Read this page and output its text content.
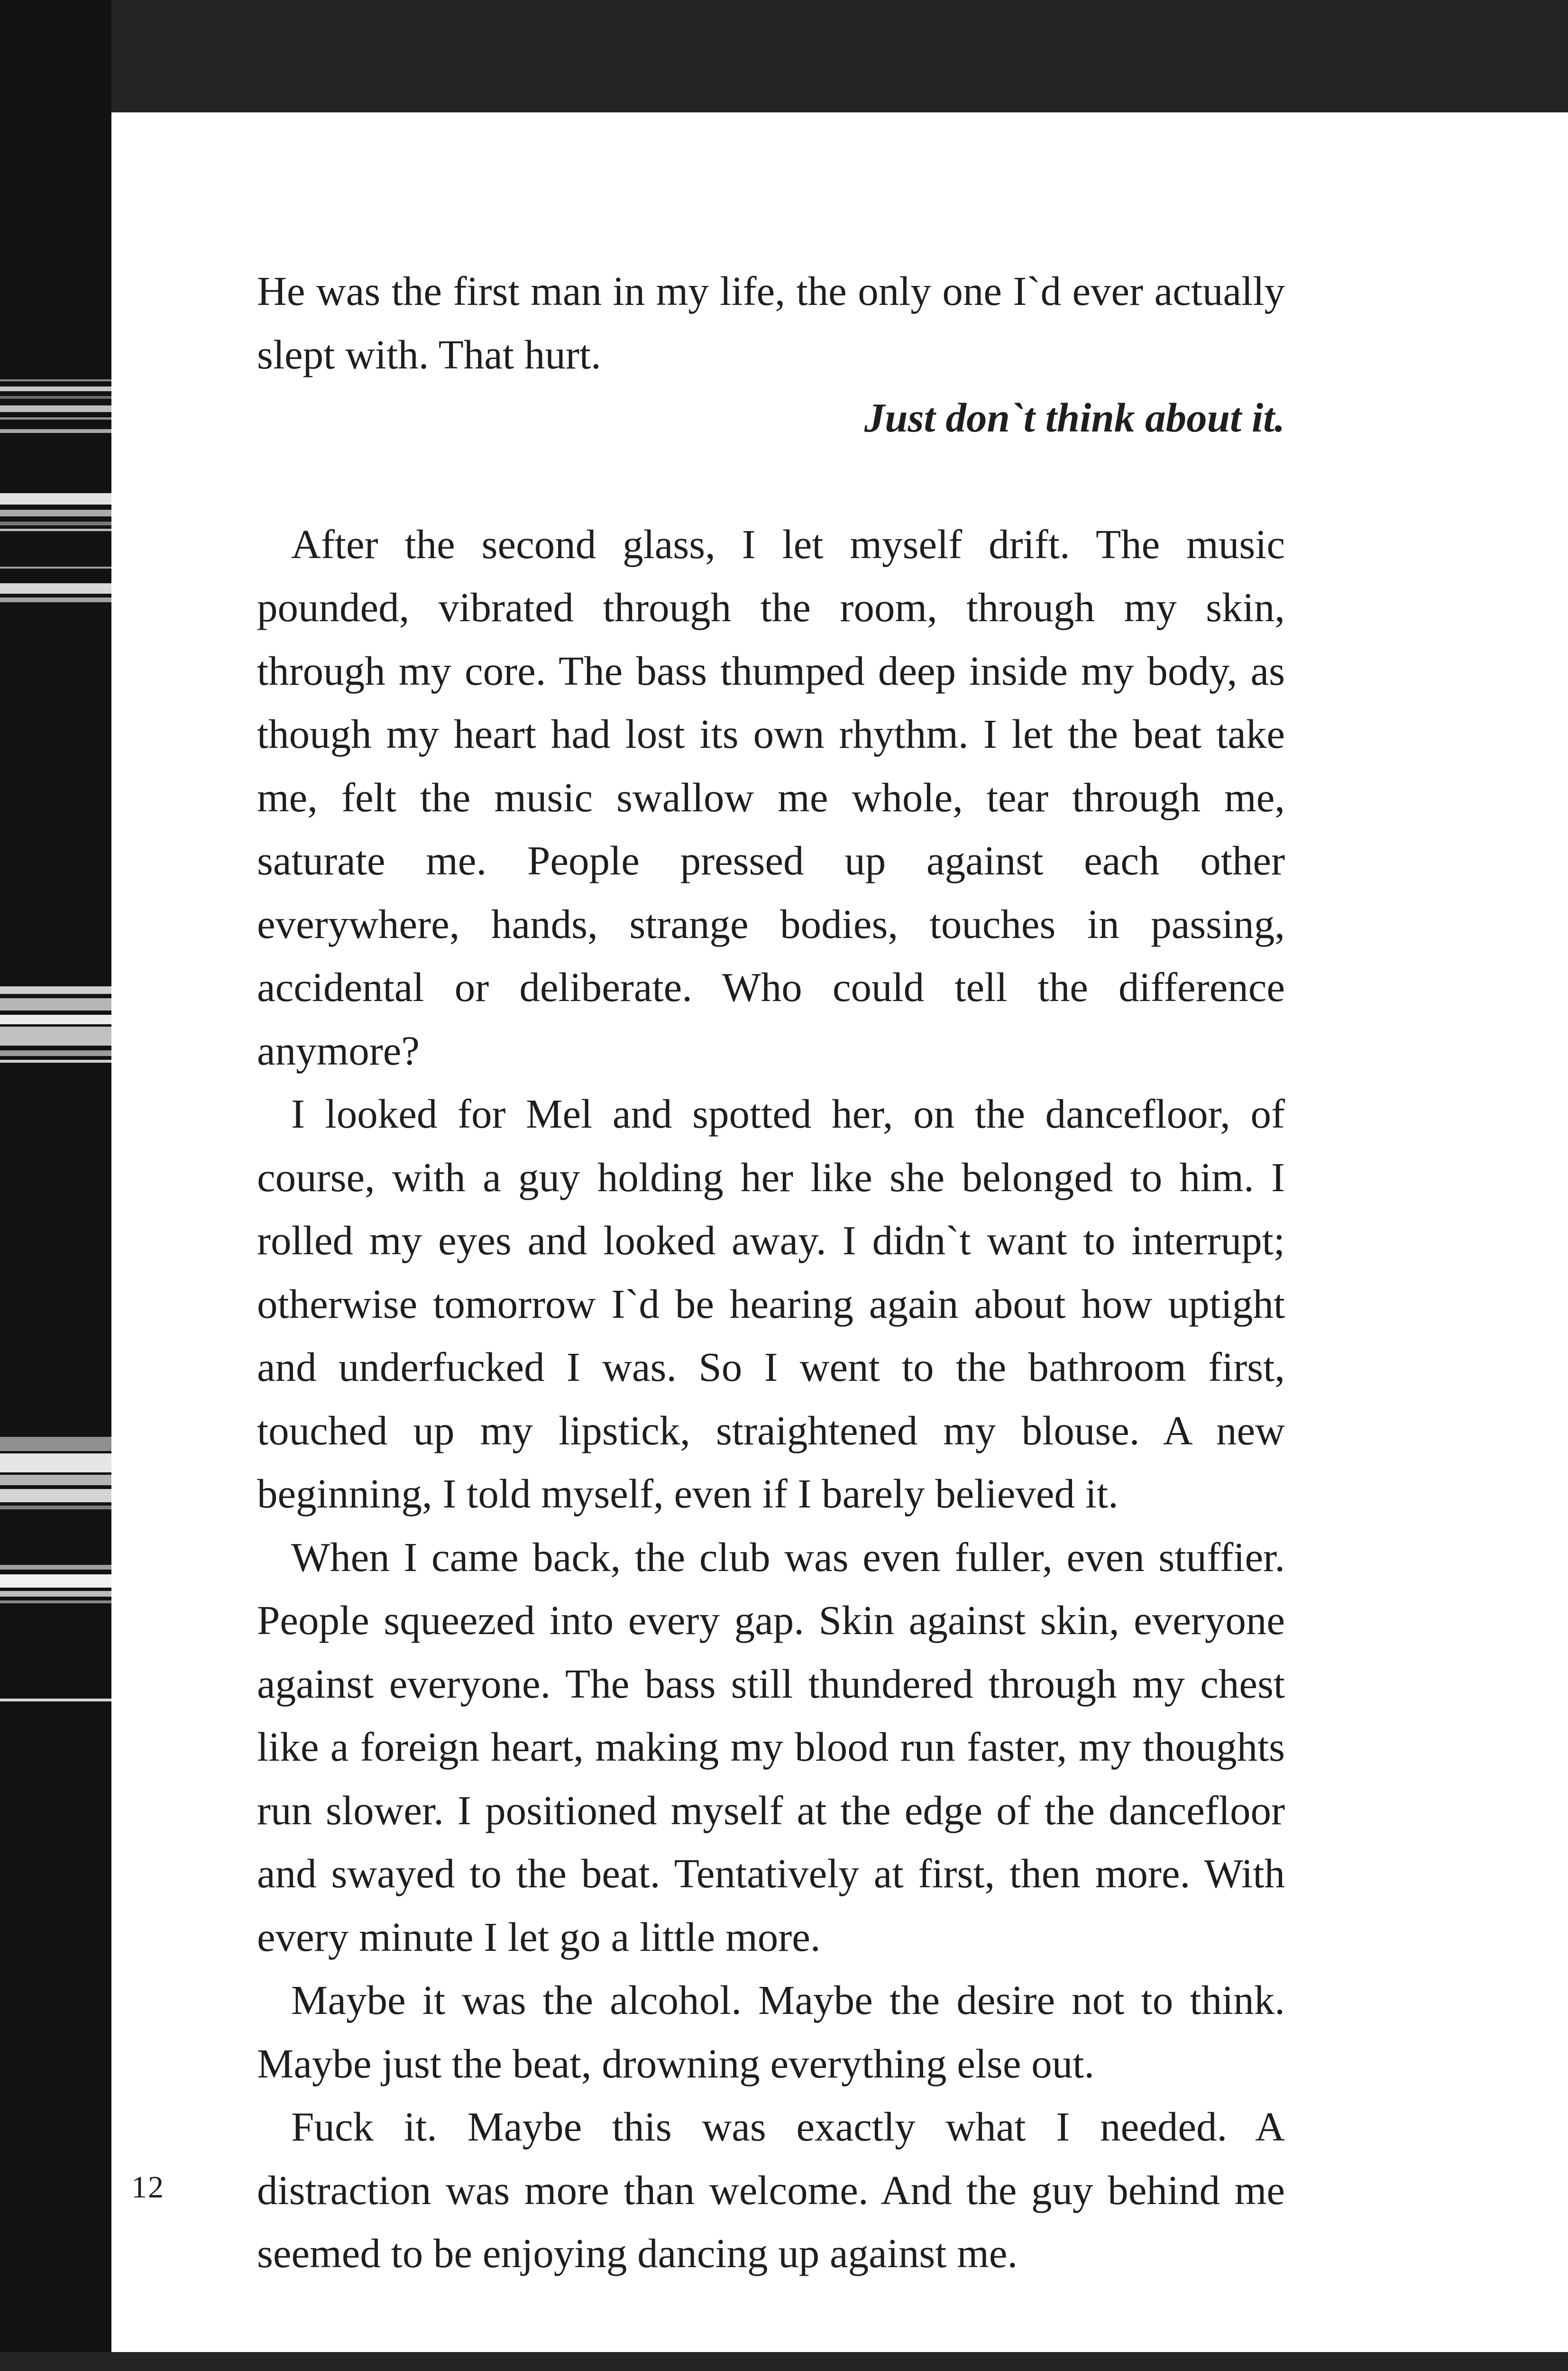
He was the first man in my life, the only one I`d ever actually slept with. That hurt.

Just don`t think about it.

After the second glass, I let myself drift. The music pounded, vibrated through the room, through my skin, through my core. The bass thumped deep inside my body, as though my heart had lost its own rhythm. I let the beat take me, felt the music swallow me whole, tear through me, saturate me. People pressed up against each other everywhere, hands, strange bodies, touches in passing, accidental or deliberate. Who could tell the difference anymore?

I looked for Mel and spotted her, on the dancefloor, of course, with a guy holding her like she belonged to him. I rolled my eyes and looked away. I didn`t want to interrupt; otherwise tomorrow I`d be hearing again about how uptight and underfucked I was. So I went to the bathroom first, touched up my lipstick, straightened my blouse. A new beginning, I told myself, even if I barely believed it.

When I came back, the club was even fuller, even stuffier. People squeezed into every gap. Skin against skin, everyone against everyone. The bass still thundered through my chest like a foreign heart, making my blood run faster, my thoughts run slower. I positioned myself at the edge of the dancefloor and swayed to the beat. Tentatively at first, then more. With every minute I let go a little more.

Maybe it was the alcohol. Maybe the desire not to think. Maybe just the beat, drowning everything else out.

Fuck it. Maybe this was exactly what I needed. A distraction was more than welcome. And the guy behind me seemed to be enjoying dancing up against me.

12
